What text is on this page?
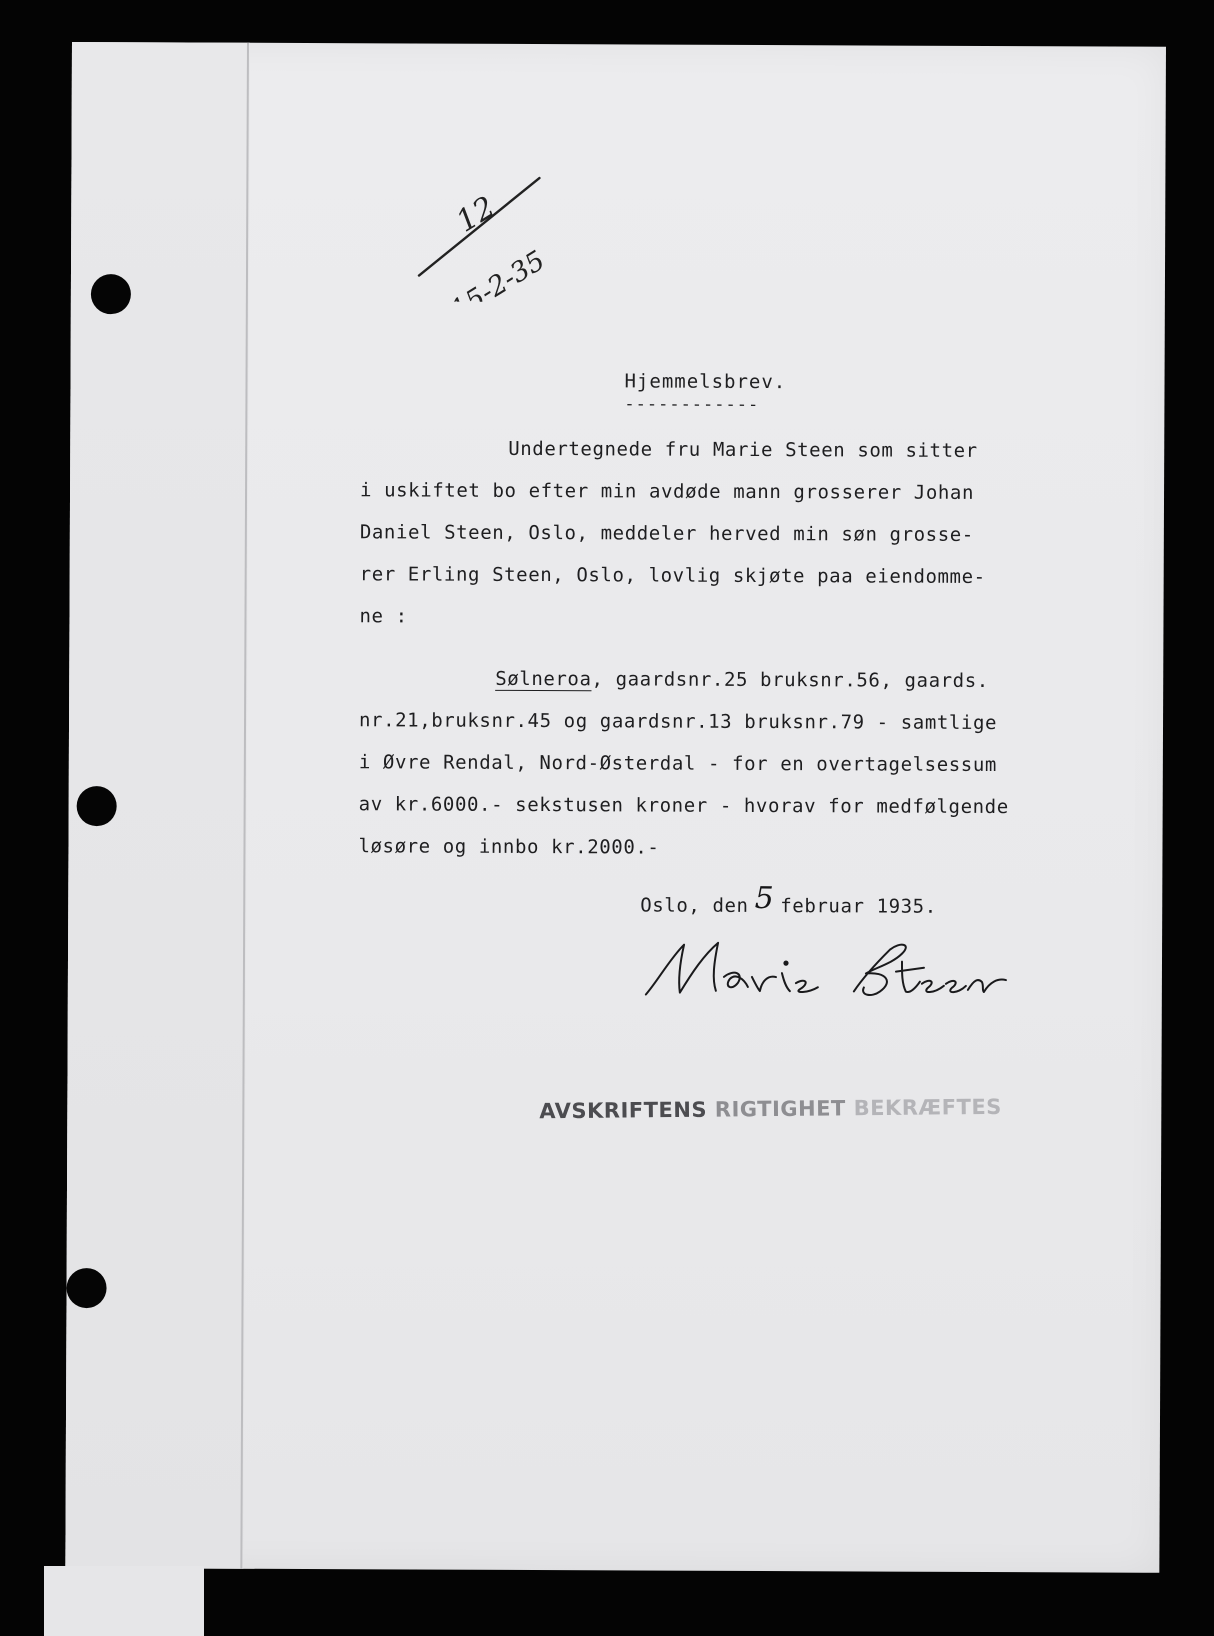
12
15-2-35
Hjemmelsbrev.
------------
Undertegnede fru Marie Steen som sitter
i uskiftet bo efter min avdøde mann grosserer Johan
Daniel Steen, Oslo, meddeler herved min søn grosse-
rer Erling Steen, Oslo, lovlig skjøte paa eiendomme-
ne :
Sølneroa, gaardsnr.25 bruksnr.56, gaards.
nr.21,bruksnr.45 og gaardsnr.13 bruksnr.79 - samtlige
i Øvre Rendal, Nord-Østerdal - for en overtagelsessum
av kr.6000.- sekstusen kroner - hvorav for medfølgende
løsøre og innbo kr.2000.-
Oslo, den 5 februar 1935.
AVSKRIFTENS RIGTIGHET BEKRÆFTES
